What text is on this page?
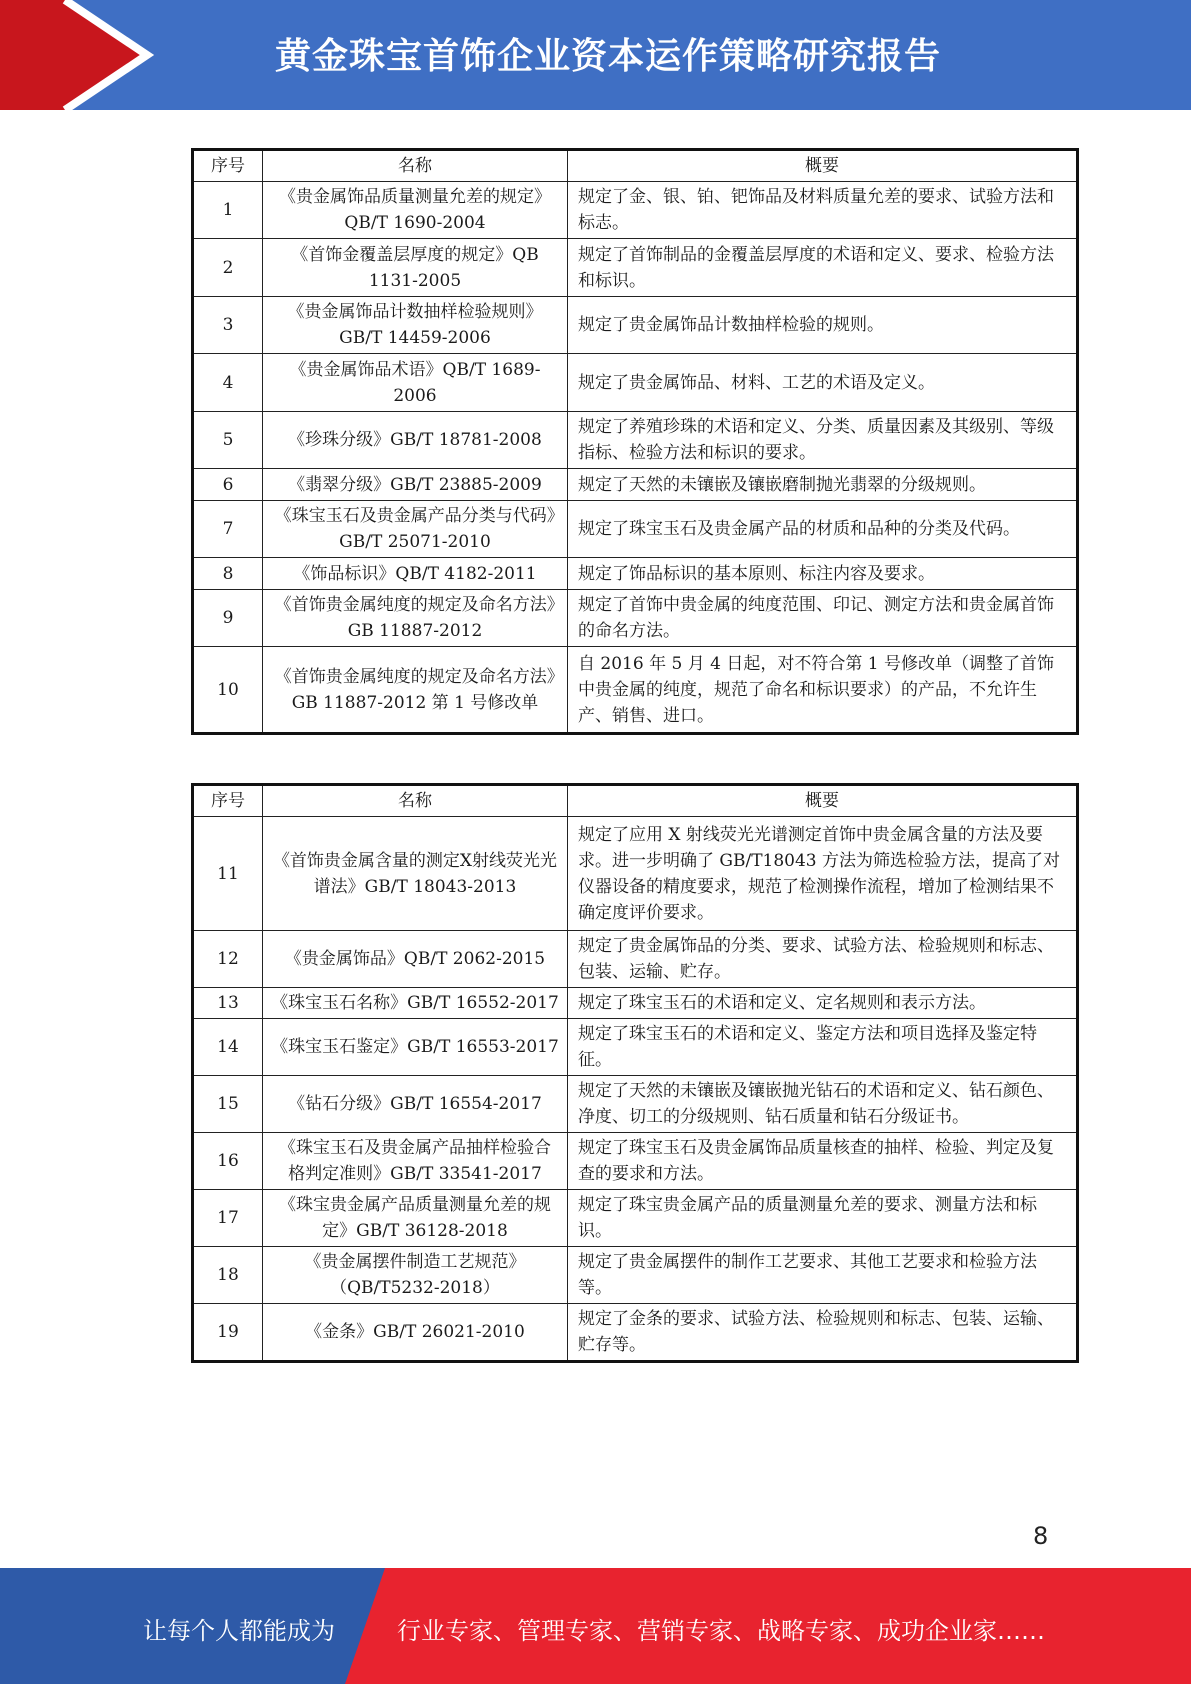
黄金珠宝首饰企业资本运作策略研究报告
序号	名称	概要
1	《贵金属饰品质量测量允差的规定》QB/T 1690-2004	规定了金、银、铂、钯饰品及材料质量允差的要求、试验方法和标志。
2	《首饰金覆盖层厚度的规定》QB 1131-2005	规定了首饰制品的金覆盖层厚度的术语和定义、要求、检验方法和标识。
3	《贵金属饰品计数抽样检验规则》GB/T 14459-2006	规定了贵金属饰品计数抽样检验的规则。
4	《贵金属饰品术语》QB/T 1689-2006	规定了贵金属饰品、材料、工艺的术语及定义。
5	《珍珠分级》GB/T 18781-2008	规定了养殖珍珠的术语和定义、分类、质量因素及其级别、等级指标、检验方法和标识的要求。
6	《翡翠分级》GB/T 23885-2009	规定了天然的未镶嵌及镶嵌磨制抛光翡翠的分级规则。
7	《珠宝玉石及贵金属产品分类与代码》GB/T 25071-2010	规定了珠宝玉石及贵金属产品的材质和品种的分类及代码。
8	《饰品标识》QB/T 4182-2011	规定了饰品标识的基本原则、标注内容及要求。
9	《首饰贵金属纯度的规定及命名方法》GB 11887-2012	规定了首饰中贵金属的纯度范围、印记、测定方法和贵金属首饰的命名方法。
10	《首饰贵金属纯度的规定及命名方法》GB 11887-2012 第 1 号修改单	自 2016 年 5 月 4 日起，对不符合第 1 号修改单（调整了首饰中贵金属的纯度，规范了命名和标识要求）的产品，不允许生产、销售、进口。
序号	名称	概要
11	《首饰贵金属含量的测定X射线荧光光谱法》GB/T 18043-2013	规定了应用 X 射线荧光光谱测定首饰中贵金属含量的方法及要求。进一步明确了 GB/T18043 方法为筛选检验方法，提高了对仪器设备的精度要求，规范了检测操作流程，增加了检测结果不确定度评价要求。
12	《贵金属饰品》QB/T 2062-2015	规定了贵金属饰品的分类、要求、试验方法、检验规则和标志、包装、运输、贮存。
13	《珠宝玉石名称》GB/T 16552-2017	规定了珠宝玉石的术语和定义、定名规则和表示方法。
14	《珠宝玉石鉴定》GB/T 16553-2017	规定了珠宝玉石的术语和定义、鉴定方法和项目选择及鉴定特征。
15	《钻石分级》GB/T 16554-2017	规定了天然的未镶嵌及镶嵌抛光钻石的术语和定义、钻石颜色、净度、切工的分级规则、钻石质量和钻石分级证书。
16	《珠宝玉石及贵金属产品抽样检验合格判定准则》GB/T 33541-2017	规定了珠宝玉石及贵金属饰品质量核查的抽样、检验、判定及复查的要求和方法。
17	《珠宝贵金属产品质量测量允差的规定》GB/T 36128-2018	规定了珠宝贵金属产品的质量测量允差的要求、测量方法和标识。
18	《贵金属摆件制造工艺规范》（QB/T5232-2018）	规定了贵金属摆件的制作工艺要求、其他工艺要求和检验方法等。
19	《金条》GB/T 26021-2010	规定了金条的要求、试验方法、检验规则和标志、包装、运输、贮存等。
8
让每个人都能成为	行业专家、管理专家、营销专家、战略专家、成功企业家……
